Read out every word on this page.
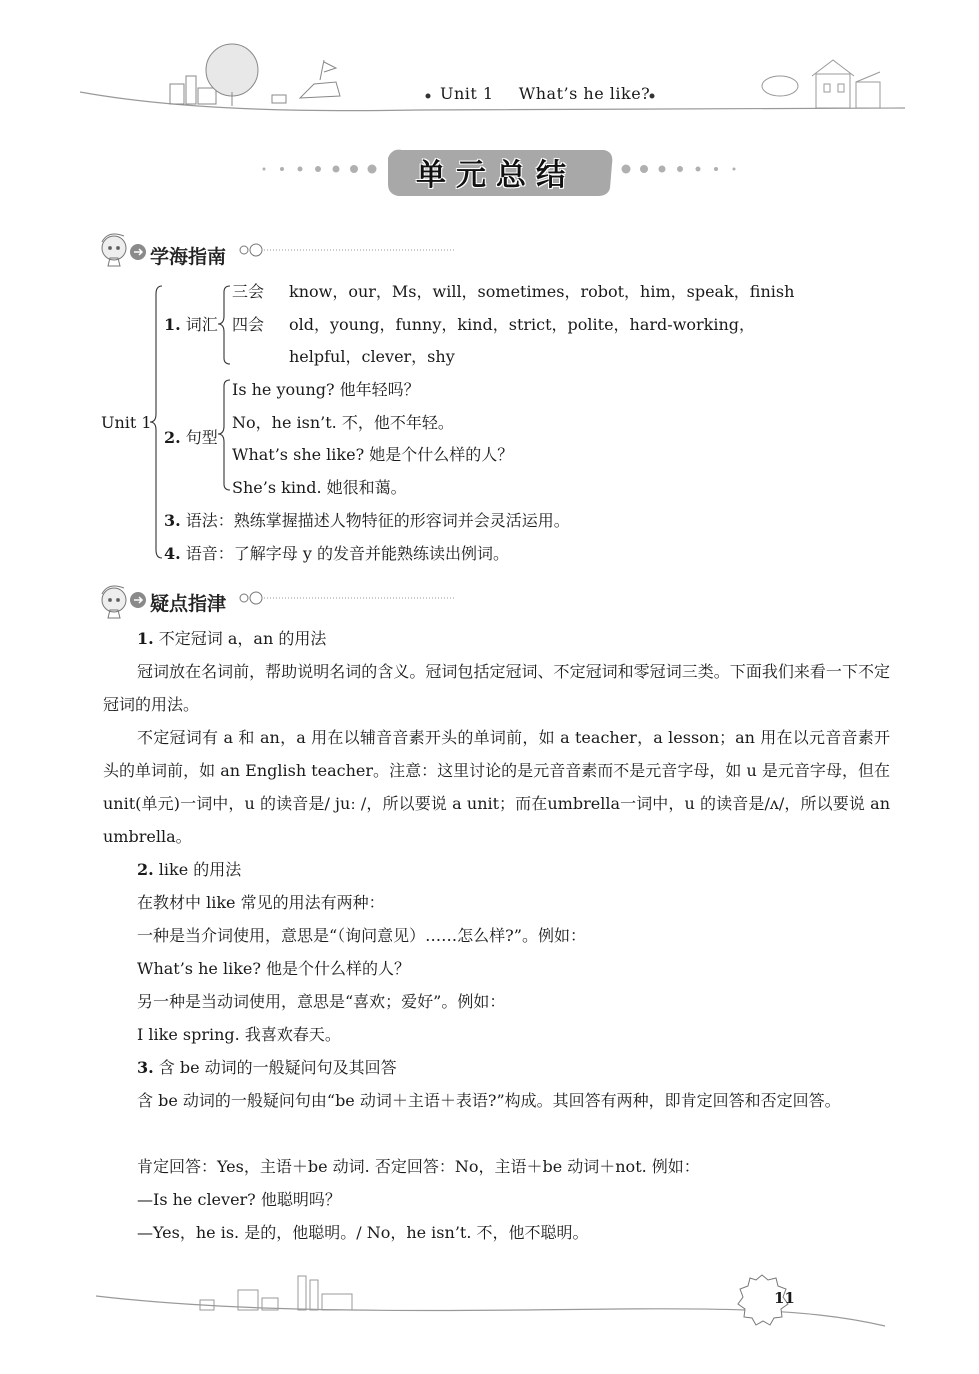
Unit 1 What’s he like?
单元总结
学海指南
Unit 1
1. 词汇
三会 know，our，Ms，will，sometimes，robot，him，speak，finish
四会 old，young，funny，kind，strict，polite，hard-working，
helpful，clever，shy
2. 句型
Is he young? 他年轻吗？
No，he isn’t. 不，他不年轻。
What’s she like? 她是个什么样的人？
She’s kind. 她很和蔼。
3. 语法：熟练掌握描述人物特征的形容词并会灵活运用。
4. 语音：了解字母 y 的发音并能熟练读出例词。
疑点指津
1. 不定冠词 a，an 的用法
冠词放在名词前，帮助说明名词的含义。冠词包括定冠词、不定冠词和零冠词三类。下面我们来看一下不定冠词的用法。
不定冠词有 a 和 an，a 用在以辅音音素开头的单词前，如 a teacher，a lesson；an 用在以元音音素开头的单词前，如 an English teacher。注意：这里讨论的是元音音素而不是元音字母，如 u 是元音字母，但在 unit(单元)一词中，u 的读音是/ juː /，所以要说 a unit；而在umbrella一词中，u 的读音是/ʌ/，所以要说 an umbrella。
2. like 的用法
在教材中 like 常见的用法有两种：
一种是当介词使用，意思是“（询问意见）……怎么样?”。例如：
What’s he like? 他是个什么样的人？
另一种是当动词使用，意思是“喜欢；爱好”。例如：
I like spring. 我喜欢春天。
3. 含 be 动词的一般疑问句及其回答
含 be 动词的一般疑问句由“be 动词＋主语＋表语?”构成。其回答有两种，即肯定回答和否定回答。
肯定回答：Yes，主语＋be 动词. 否定回答：No，主语＋be 动词＋not. 例如：
—Is he clever? 他聪明吗？
—Yes，he is. 是的，他聪明。/ No，he isn’t. 不，他不聪明。
11
